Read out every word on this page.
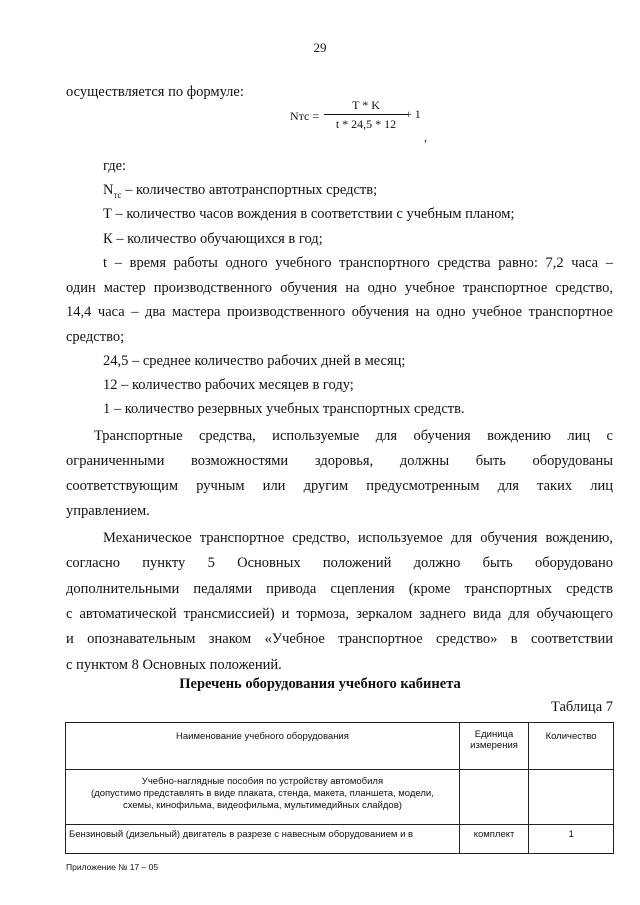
29
осуществляется по формуле:
Nтс =
T * K
t * 24,5 * 12
+ 1
,
где:
$N_{тс}$ – количество автотранспортных средств;
Т – количество часов вождения в соответствии с учебным планом;
К – количество обучающихся в год;
t – время работы одного учебного транспортного средства равно: 7,2 часа –
один мастер производственного обучения на одно учебное транспортное средство,
14,4 часа – два мастера производственного обучения на одно учебное транспортное
средство;
24,5 – среднее количество рабочих дней в месяц;
12 – количество рабочих месяцев в году;
1 – количество резервных учебных транспортных средств.
Транспортные средства, используемые для обучения вождению лиц с
ограниченными возможностями здоровья, должны быть оборудованы
соответствующим ручным или другим предусмотренным для таких лиц
управлением.
Механическое транспортное средство, используемое для обучения вождению,
согласно пункту 5 Основных положений должно быть оборудовано
дополнительными педалями привода сцепления (кроме транспортных средств
с автоматической трансмиссией) и тормоза, зеркалом заднего вида для обучающего
и опознавательным знаком «Учебное транспортное средство» в соответствии
с пунктом 8 Основных положений.
Перечень оборудования учебного кабинета
Таблица 7
Наименование учебного оборудования	Единица измерения	Количество

Учебно-наглядные пособия по устройству автомобиля
(допустимо представлять в виде плаката, стенда, макета, планшета, модели,
схемы, кинофильма, видеофильма, мультимедийных слайдов)		

Бензиновый (дизельный) двигатель в разрезе с навесным оборудованием и в	комплект	1
Приложение № 17 – 05
